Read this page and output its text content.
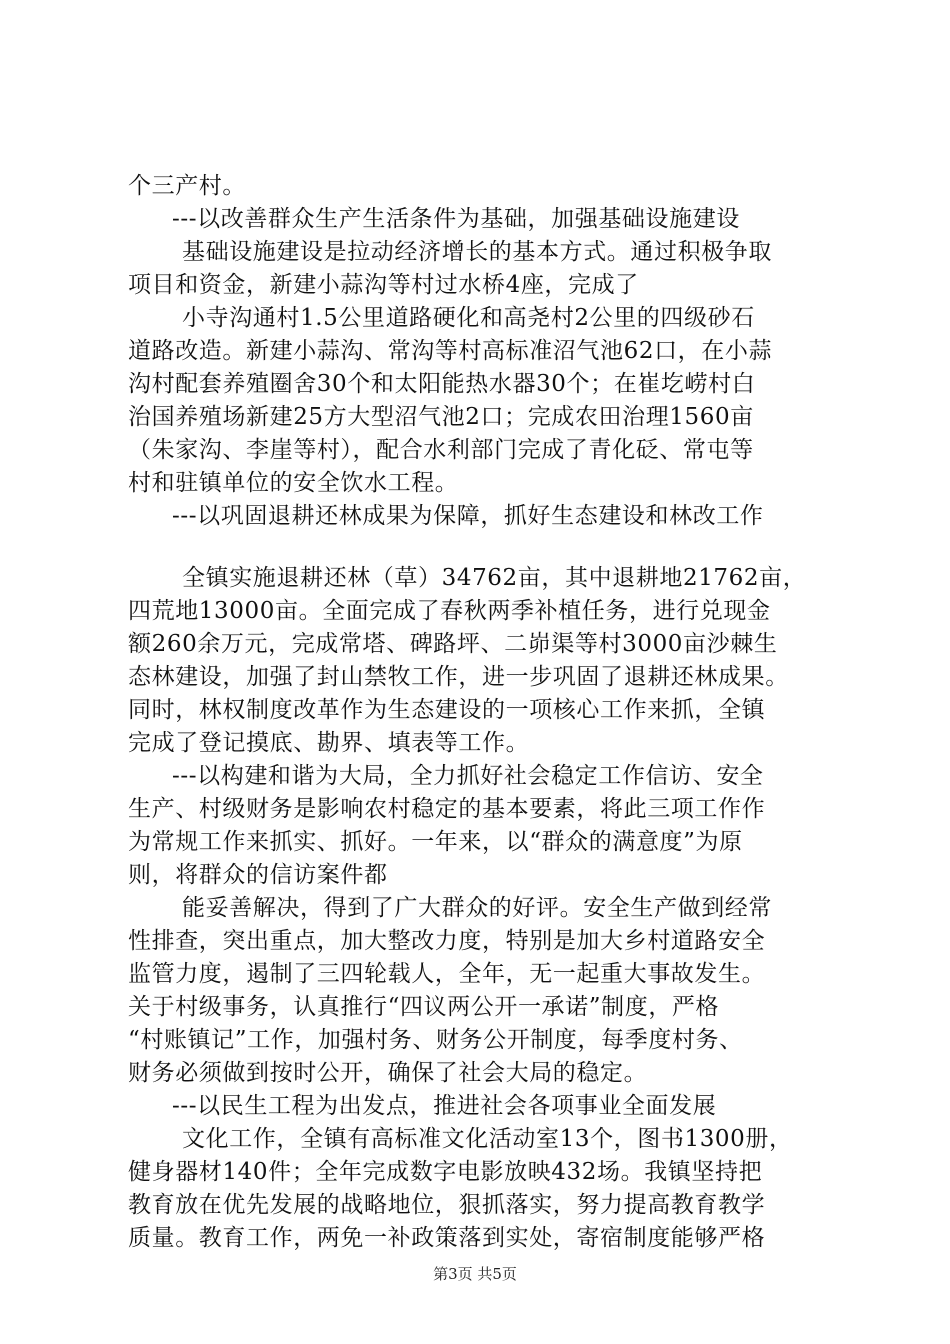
个三产村。
---以改善群众生产生活条件为基础，加强基础设施建设
基础设施建设是拉动经济增长的基本方式。通过积极争取
项目和资金，新建小蒜沟等村过水桥4座，完成了
小寺沟通村1.5公里道路硬化和高尧村2公里的四级砂石
道路改造。新建小蒜沟、常沟等村高标准沼气池62口，在小蒜
沟村配套养殖圈舍30个和太阳能热水器30个；在崔圪崂村白
治国养殖场新建25方大型沼气池2口；完成农田治理1560亩
（朱家沟、李崖等村），配合水利部门完成了青化砭、常屯等
村和驻镇单位的安全饮水工程。
---以巩固退耕还林成果为保障，抓好生态建设和林改工作
全镇实施退耕还林（草）34762亩，其中退耕地21762亩，
四荒地13000亩。全面完成了春秋两季补植任务，进行兑现金
额260余万元，完成常塔、碑路坪、二峁渠等村3000亩沙棘生
态林建设，加强了封山禁牧工作，进一步巩固了退耕还林成果。
同时，林权制度改革作为生态建设的一项核心工作来抓，全镇
完成了登记摸底、勘界、填表等工作。
---以构建和谐为大局，全力抓好社会稳定工作信访、安全
生产、村级财务是影响农村稳定的基本要素，将此三项工作作
为常规工作来抓实、抓好。一年来，以“群众的满意度”为原
则，将群众的信访案件都
能妥善解决，得到了广大群众的好评。安全生产做到经常
性排查，突出重点，加大整改力度，特别是加大乡村道路安全
监管力度，遏制了三四轮载人，全年，无一起重大事故发生。
关于村级事务，认真推行“四议两公开一承诺”制度，严格
“村账镇记”工作，加强村务、财务公开制度，每季度村务、
财务必须做到按时公开，确保了社会大局的稳定。
---以民生工程为出发点，推进社会各项事业全面发展
文化工作，全镇有高标准文化活动室13个，图书1300册，
健身器材140件；全年完成数字电影放映432场。我镇坚持把
教育放在优先发展的战略地位，狠抓落实，努力提高教育教学
质量。教育工作，两免一补政策落到实处，寄宿制度能够严格
第3页 共5页
